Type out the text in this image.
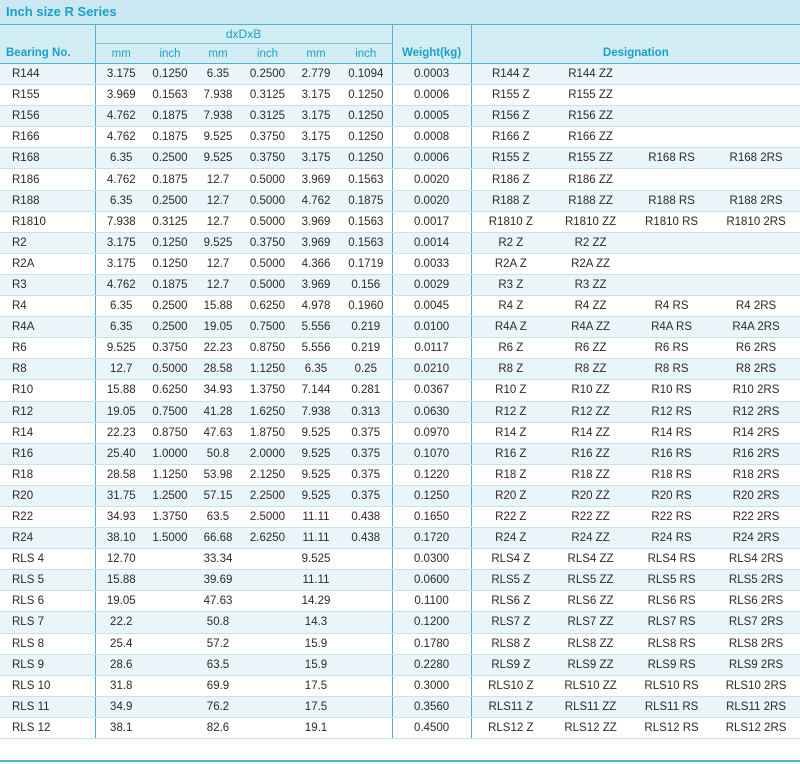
Inch size R Series
	dxDxB										
Bearing No.	mm	inch	mm	inch	mm	inch	Weight(kg)	Designation			
R144	3.175	0.1250	6.35	0.2500	2.779	0.1094	0.0003	R144 Z	R144 ZZ		
R155	3.969	0.1563	7.938	0.3125	3.175	0.1250	0.0006	R155 Z	R155 ZZ		
R156	4.762	0.1875	7.938	0.3125	3.175	0.1250	0.0005	R156 Z	R156 ZZ		
R166	4.762	0.1875	9.525	0.3750	3.175	0.1250	0.0008	R166 Z	R166 ZZ		
R168	6.35	0.2500	9.525	0.3750	3.175	0.1250	0.0006	R155 Z	R155 ZZ	R168 RS	R168 2RS
R186	4.762	0.1875	12.7	0.5000	3.969	0.1563	0.0020	R186 Z	R186 ZZ		
R188	6.35	0.2500	12.7	0.5000	4.762	0.1875	0.0020	R188 Z	R188 ZZ	R188 RS	R188 2RS
R1810	7.938	0.3125	12.7	0.5000	3.969	0.1563	0.0017	R1810 Z	R1810 ZZ	R1810 RS	R1810 2RS
R2	3.175	0.1250	9.525	0.3750	3.969	0.1563	0.0014	R2 Z	R2 ZZ		
R2A	3.175	0.1250	12.7	0.5000	4.366	0.1719	0.0033	R2A Z	R2A ZZ		
R3	4.762	0.1875	12.7	0.5000	3.969	0.156	0.0029	R3 Z	R3 ZZ		
R4	6.35	0.2500	15.88	0.6250	4.978	0.1960	0.0045	R4 Z	R4 ZZ	R4 RS	R4 2RS
R4A	6.35	0.2500	19.05	0.7500	5.556	0.219	0.0100	R4A Z	R4A ZZ	R4A RS	R4A 2RS
R6	9.525	0.3750	22.23	0.8750	5.556	0.219	0.0117	R6 Z	R6 ZZ	R6 RS	R6 2RS
R8	12.7	0.5000	28.58	1.1250	6.35	0.25	0.0210	R8 Z	R8 ZZ	R8 RS	R8 2RS
R10	15.88	0.6250	34.93	1.3750	7.144	0.281	0.0367	R10 Z	R10 ZZ	R10 RS	R10 2RS
R12	19.05	0.7500	41.28	1.6250	7.938	0.313	0.0630	R12 Z	R12 ZZ	R12 RS	R12 2RS
R14	22.23	0.8750	47.63	1.8750	9.525	0.375	0.0970	R14 Z	R14 ZZ	R14 RS	R14 2RS
R16	25.40	1.0000	50.8	2.0000	9.525	0.375	0.1070	R16 Z	R16 ZZ	R16 RS	R16 2RS
R18	28.58	1.1250	53.98	2.1250	9.525	0.375	0.1220	R18 Z	R18 ZZ	R18 RS	R18 2RS
R20	31.75	1.2500	57.15	2.2500	9.525	0.375	0.1250	R20 Z	R20 ZZ	R20 RS	R20 2RS
R22	34.93	1.3750	63.5	2.5000	11.11	0.438	0.1650	R22 Z	R22 ZZ	R22 RS	R22 2RS
R24	38.10	1.5000	66.68	2.6250	11.11	0.438	0.1720	R24 Z	R24 ZZ	R24 RS	R24 2RS
RLS 4	12.70		33.34		9.525		0.0300	RLS4 Z	RLS4 ZZ	RLS4 RS	RLS4 2RS
RLS 5	15.88		39.69		11.11		0.0600	RLS5 Z	RLS5 ZZ	RLS5 RS	RLS5 2RS
RLS 6	19.05		47.63		14.29		0.1100	RLS6 Z	RLS6 ZZ	RLS6 RS	RLS6 2RS
RLS 7	22.2		50.8		14.3		0.1200	RLS7 Z	RLS7 ZZ	RLS7 RS	RLS7 2RS
RLS 8	25.4		57.2		15.9		0.1780	RLS8 Z	RLS8 ZZ	RLS8 RS	RLS8 2RS
RLS 9	28.6		63.5		15.9		0.2280	RLS9 Z	RLS9 ZZ	RLS9 RS	RLS9 2RS
RLS 10	31.8		69.9		17.5		0.3000	RLS10 Z	RLS10 ZZ	RLS10 RS	RLS10 2RS
RLS 11	34.9		76.2		17.5		0.3560	RLS11 Z	RLS11 ZZ	RLS11 RS	RLS11 2RS
RLS 12	38.1		82.6		19.1		0.4500	RLS12 Z	RLS12 ZZ	RLS12 RS	RLS12 2RS
